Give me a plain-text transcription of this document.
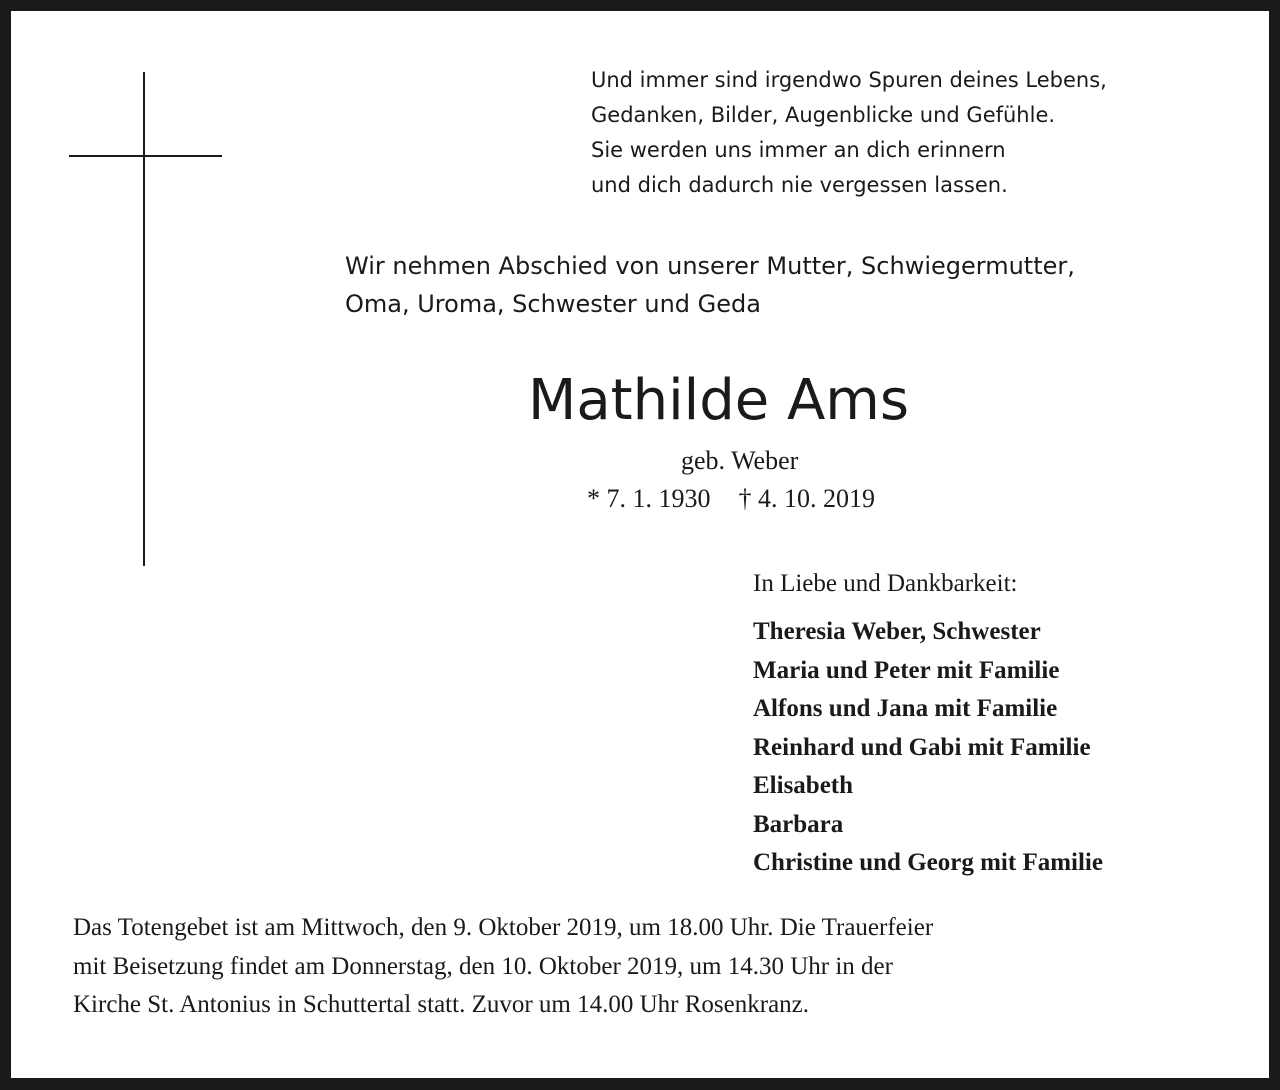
Und immer sind irgendwo Spuren deines Lebens,
Gedanken, Bilder, Augenblicke und Gefühle.
Sie werden uns immer an dich erinnern
und dich dadurch nie vergessen lassen.
Wir nehmen Abschied von unserer Mutter, Schwiegermutter,
Oma, Uroma, Schwester und Geda
Mathilde Ams
geb. Weber
* 7. 1. 1930 † 4. 10. 2019
In Liebe und Dankbarkeit:
Theresia Weber, Schwester
Maria und Peter mit Familie
Alfons und Jana mit Familie
Reinhard und Gabi mit Familie
Elisabeth
Barbara
Christine und Georg mit Familie

Das Totengebet ist am Mittwoch, den 9. Oktober 2019, um 18.00 Uhr. Die Trauerfeier

mit Beisetzung findet am Donnerstag, den 10. Oktober 2019, um 14.30 Uhr in der

Kirche St. Antonius in Schuttertal statt. Zuvor um 14.00 Uhr Rosenkranz.
